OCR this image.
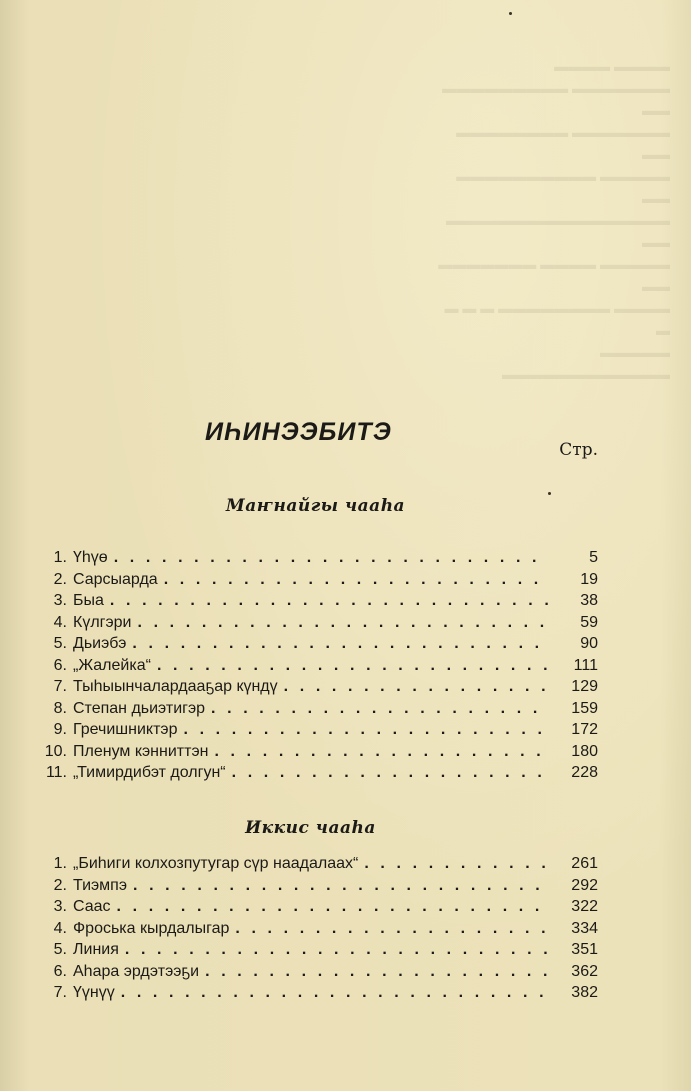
▬▬▬▬ ▬▬▬▬
▬▬▬▬▬▬▬ ▬▬▬▬▬▬▬▬▬ ▬▬
▬▬▬▬▬▬▬ ▬▬▬▬▬▬▬▬ ▬▬
▬▬▬▬▬ ▬▬▬▬▬▬▬▬▬▬ ▬▬
▬▬▬▬▬▬▬▬▬▬▬▬▬▬▬▬ ▬▬
▬▬▬▬▬ ▬▬▬▬ ▬▬▬▬▬▬▬ ▬▬
▬▬▬▬ ▬▬▬▬▬▬▬▬ ▬ ▬ ▬ ▬
▬▬▬▬▬ ▬▬▬▬▬▬▬▬▬▬▬▬
ИҺИНЭЭБИТЭ
Стр.
Маҥнайгы чааһа
1. Үһүө . . .	5
2. Сарсыарда . . .	19
3. Быа . . .	38
4. Күлгэри . . .	59
5. Дьиэбэ . . .	90
6. „Жалейка“ . . .	111
7. Тыһыынчалардааҕар күндү . . .	129
8. Степан дьиэтигэр . . .	159
9. Гречишниктэр . . .	172
10. Пленум кэнниттэн . . .	180
11. „Тимирдибэт долгун“ . . .	228
Иккис чааһа
1. „Биһиги колхозпутугар сүр наадалаах“ . . .	261
2. Тиэмпэ . . .	292
3. Саас . . .	322
4. Фроська кырдалыгар . . .	334
5. Линия . . .	351
6. Аһара эрдэтээҕи . . .	362
7. Үүнүү . . .	382
